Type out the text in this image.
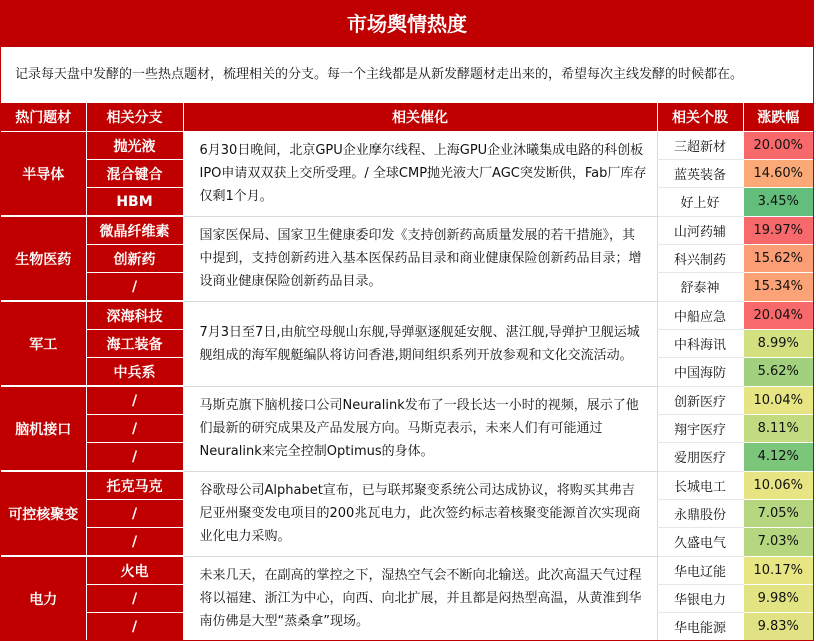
市场舆情热度
记录每天盘中发酵的一些热点题材，梳理相关的分支。每一个主线都是从新发酵题材走出来的，希望每次主线发酵的时候都在。
热门题材	相关分支	相关催化	相关个股	涨跌幅
半导体	抛光液	6月30日晚间，北京GPU企业摩尔线程、上海GPU企业沐曦集成电路的科创板IPO申请双双获上交所受理。/ 全球CMP抛光液大厂AGC突发断供，Fab厂库存仅剩1个月。	三超新材	20.00%
	混合键合		蓝英装备	14.60%
	HBM		好上好	3.45%
生物医药	微晶纤维素	国家医保局、国家卫生健康委印发《支持创新药高质量发展的若干措施》，其中提到，支持创新药进入基本医保药品目录和商业健康保险创新药品目录；增设商业健康保险创新药品目录。	山河药辅	19.97%
	创新药		科兴制药	15.62%
	/		舒泰神	15.34%
军工	深海科技	7月3日至7日,由航空母舰山东舰,导弹驱逐舰延安舰、湛江舰,导弹护卫舰运城舰组成的海军舰艇编队将访问香港,期间组织系列开放参观和文化交流活动。	中船应急	20.04%
	海工装备		中科海讯	8.99%
	中兵系		中国海防	5.62%
脑机接口	/	马斯克旗下脑机接口公司Neuralink发布了一段长达一小时的视频，展示了他们最新的研究成果及产品发展方向。马斯克表示，未来人们有可能通过Neuralink来完全控制Optimus的身体。	创新医疗	10.04%
	/		翔宇医疗	8.11%
	/		爱朋医疗	4.12%
可控核聚变	托克马克	谷歌母公司Alphabet宣布，已与联邦聚变系统公司达成协议，将购买其弗吉尼亚州聚变发电项目的200兆瓦电力，此次签约标志着核聚变能源首次实现商业化电力采购。	长城电工	10.06%
	/		永鼎股份	7.05%
	/		久盛电气	7.03%
电力	火电	未来几天，在副高的掌控之下，湿热空气会不断向北输送。此次高温天气过程将以福建、浙江为中心，向西、向北扩展，并且都是闷热型高温，从黄淮到华南仿佛是大型“蒸桑拿”现场。	华电辽能	10.17%
	/		华银电力	9.98%
	/		华电能源	9.83%
